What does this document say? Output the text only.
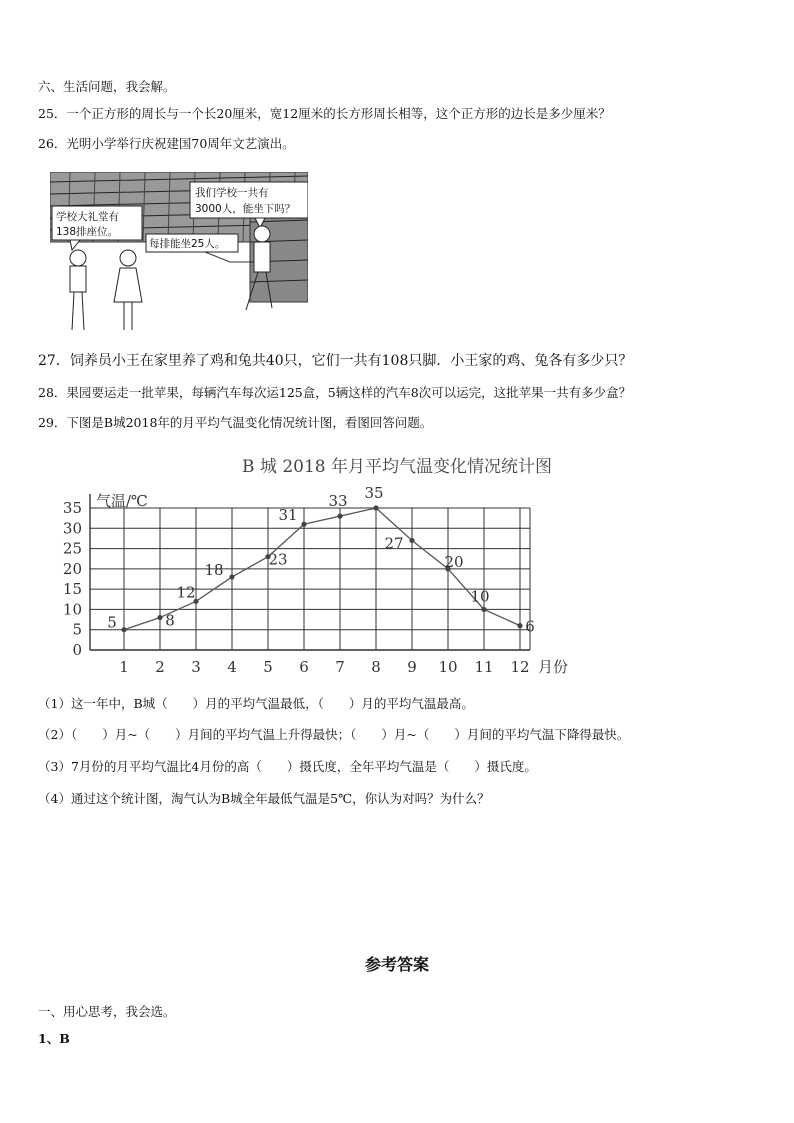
六、生活问题，我会解。
25．一个正方形的周长与一个长20厘米，宽12厘米的长方形周长相等，这个正方形的边长是多少厘米？
26．光明小学举行庆祝建国70周年文艺演出。
学校大礼堂有
138排座位。
每排能坐25人。
我们学校一共有
3000人，能坐下吗？
27．饲养员小王在家里养了鸡和兔共40只，它们一共有108只脚．小王家的鸡、兔各有多少只？
28．果园要运走一批苹果，每辆汽车每次运125盒，5辆这样的汽车8次可以运完，这批苹果一共有多少盒？
29．下图是B城2018年的月平均气温变化情况统计图，看图回答问题。
B 城 2018 年月平均气温变化情况统计图
0
5
10
15
20
25
30
35
1 2 3 4 5 6 7 8 9 10 11 12
气温/℃
月份
5	8
12
18
23
31
33 35
27
20
10
6
（1）这一年中，B城（　　）月的平均气温最低，（　　）月的平均气温最高。
（2）（　　）月~（　　）月间的平均气温上升得最快；（　　）月~（　　）月间的平均气温下降得最快。
（3）7月份的月平均气温比4月份的高（　　）摄氏度，全年平均气温是（　　）摄氏度。
（4）通过这个统计图，淘气认为B城全年最低气温是5℃，你认为对吗？为什么？
参考答案
一、用心思考，我会选。
1、B
